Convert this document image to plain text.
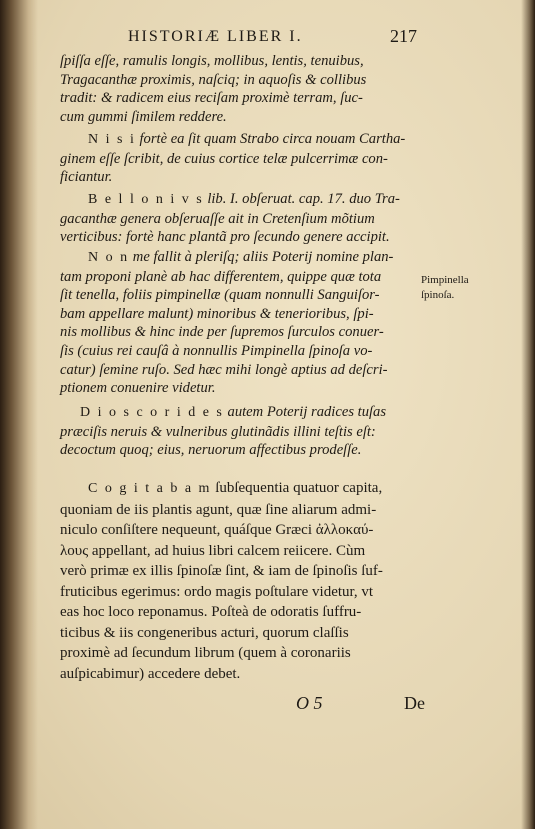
HISTORIÆ LIBER I.	217
ſpiſſa eſſe, ramulis longis, mollibus, lentis, tenuibus,
Tragacanthæ proximis, naſciq; in aquoſis & collibus
tradit: & radicem eius reciſam proximè terram, ſuc-
cum gummi ſimilem reddere.
N i s i fortè ea ſit quam Strabo circa nouam Cartha-
ginem eſſe ſcribit, de cuius cortice telæ pulcerrimæ con-
ficiantur.
B e l l o n i v s lib. I. obſeruat. cap. 17. duo Tra-
gacanthæ genera obſeruaſſe ait in Cretenſium mõtium
verticibus: fortè hanc plantã pro ſecundo genere accipit.
N o n me fallit à pleriſq; aliis Poterij nomine plan-
tam proponi planè ab hac differentem, quippe quæ tota
ſit tenella, foliis pimpinellæ (quam nonnulli Sanguiſor-
bam appellare malunt) minoribus & tenerioribus, ſpi-
nis mollibus & hinc inde per ſupremos ſurculos conuer-
ſis (cuius rei cauſâ à nonnullis Pimpinella ſpinoſa vo-
catur) ſemine ruſo. Sed hæc mihi longè aptius ad deſcri-
ptionem conuenire videtur.
D i o s c o r i d e s autem Poterij radices tuſas
præciſis neruis & vulneribus glutinãdis illini teſtis eſt:
decoctum quoq; eius, neruorum affectibus prodeſſe.
Pimpinella
ſpinoſa.
C o g i t a b a m ſubſequentia quatuor capita,
quoniam de iis plantis agunt, quæ ſine aliarum admi-
niculo conſiſtere nequeunt, quáſque Græci ἀλλοκαύ-
λους appellant, ad huius libri calcem reiicere. Cùm
verò primæ ex illis ſpinoſæ ſint, & iam de ſpinoſis ſuf-
fruticibus egerimus: ordo magis poſtulare videtur, vt
eas hoc loco reponamus. Poſteà de odoratis ſuffru-
ticibus & iis congeneribus acturi, quorum claſſis
proximè ad ſecundum librum (quem à coronariis
auſpicabimur) accedere debet.
O 5	De
